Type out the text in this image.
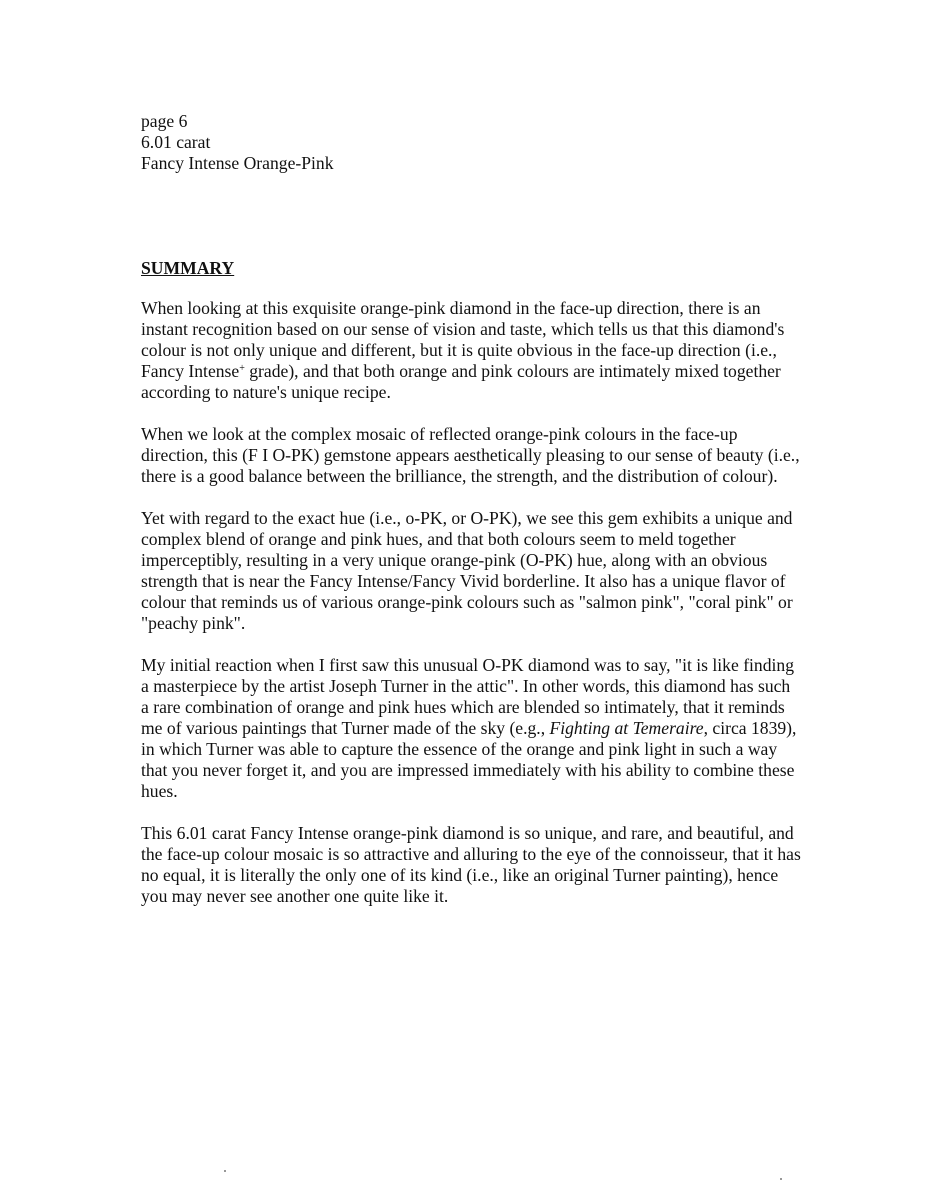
page 6
6.01 carat
Fancy Intense Orange-Pink
SUMMARY

When looking at this exquisite orange-pink diamond in the face-up direction, there is an instant recognition based on our sense of vision and taste, which tells us that this diamond's colour is not only unique and different, but it is quite obvious in the face-up direction (i.e., Fancy Intense+ grade), and that both orange and pink colours are intimately mixed together according to nature's unique recipe.

When we look at the complex mosaic of reflected orange-pink colours in the face-up direction, this (F I O-PK) gemstone appears aesthetically pleasing to our sense of beauty (i.e., there is a good balance between the brilliance, the strength, and the distribution of colour).

Yet with regard to the exact hue (i.e., o-PK, or O-PK), we see this gem exhibits a unique and complex blend of orange and pink hues, and that both colours seem to meld together imperceptibly, resulting in a very unique orange-pink (O-PK) hue, along with an obvious strength that is near the Fancy Intense/Fancy Vivid borderline. It also has a unique flavor of colour that reminds us of various orange-pink colours such as "salmon pink", "coral pink" or "peachy pink".

My initial reaction when I first saw this unusual O-PK diamond was to say, "it is like finding a masterpiece by the artist Joseph Turner in the attic". In other words, this diamond has such a rare combination of orange and pink hues which are blended so intimately, that it reminds me of various paintings that Turner made of the sky (e.g., Fighting at Temeraire, circa 1839), in which Turner was able to capture the essence of the orange and pink light in such a way that you never forget it, and you are impressed immediately with his ability to combine these hues.

This 6.01 carat Fancy Intense orange-pink diamond is so unique, and rare, and beautiful, and the face-up colour mosaic is so attractive and alluring to the eye of the connoisseur, that it has no equal, it is literally the only one of its kind (i.e., like an original Turner painting), hence you may never see another one quite like it.
